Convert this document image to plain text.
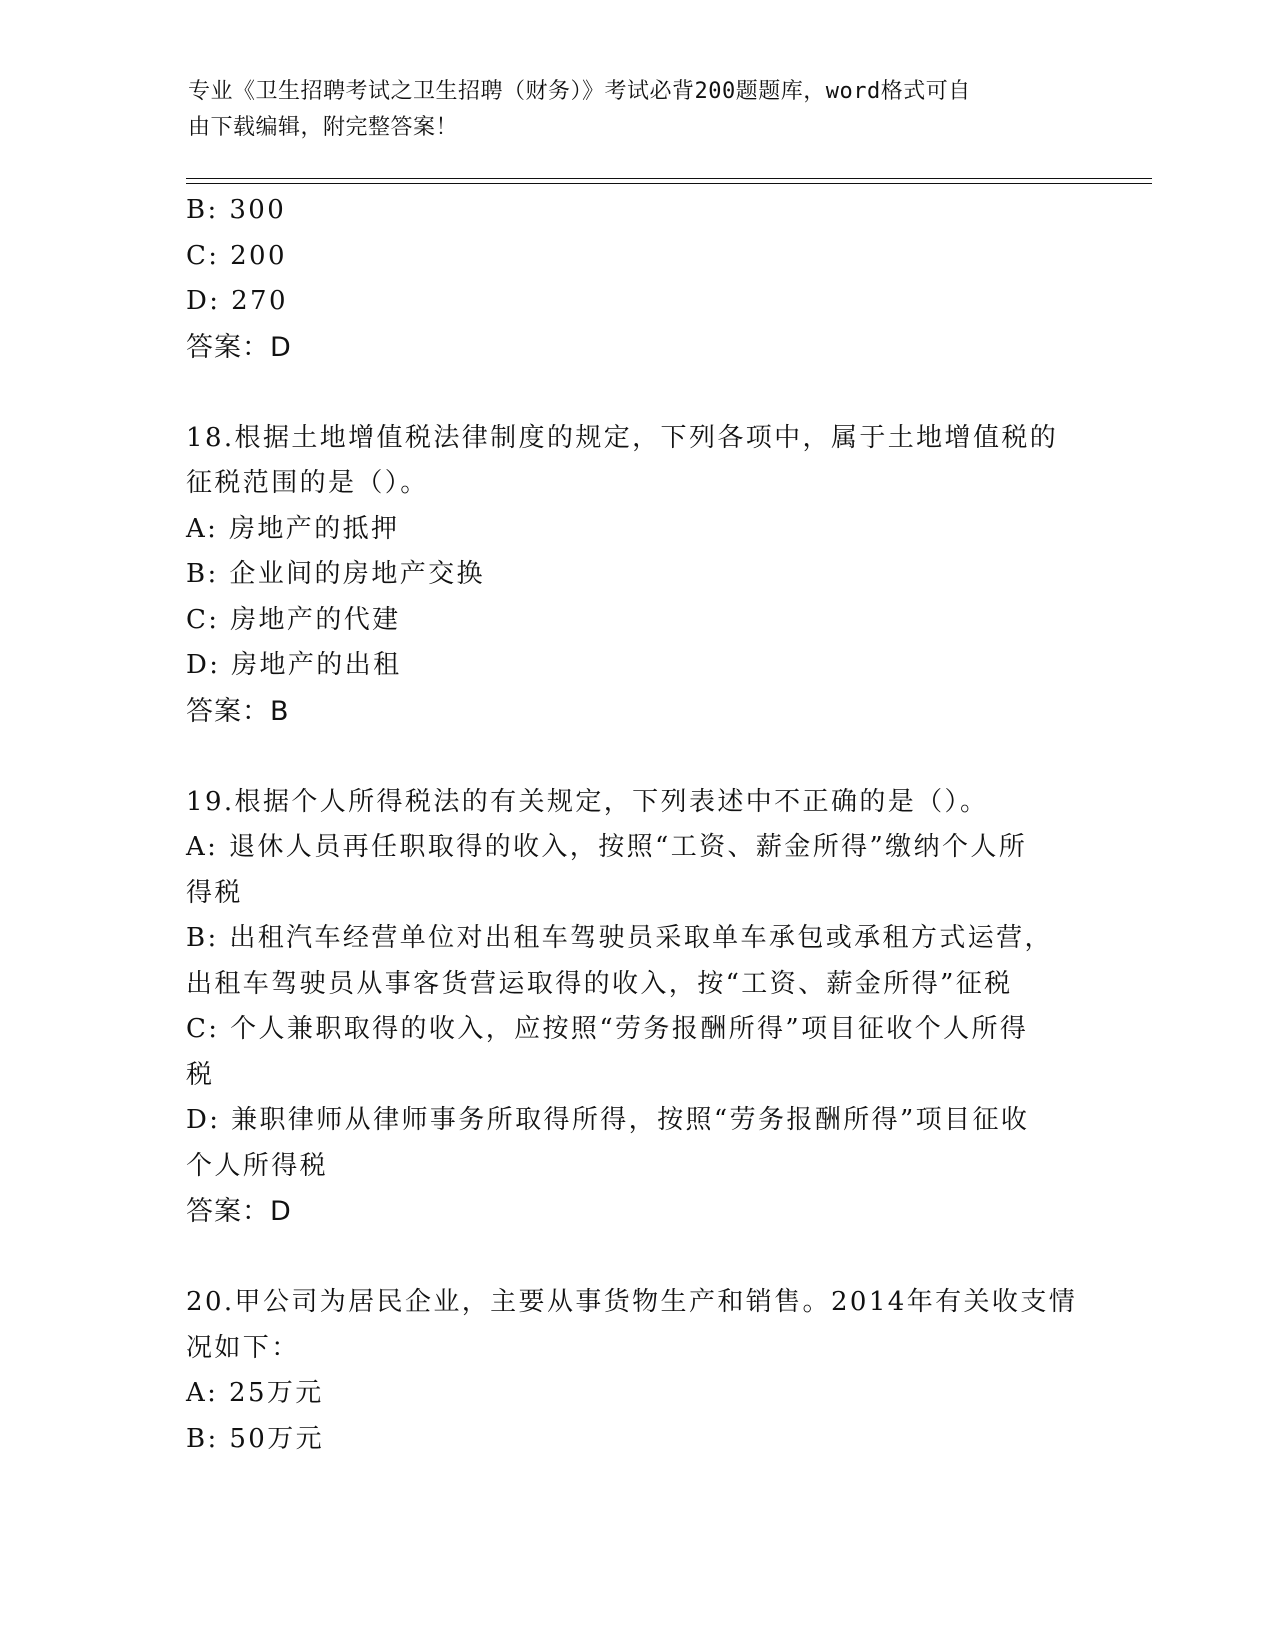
专业《卫生招聘考试之卫生招聘（财务）》考试必背200题题库，word格式可自
由下载编辑，附完整答案！
B: 300
C: 200
D: 270
答案：D
18.根据土地增值税法律制度的规定，下列各项中，属于土地增值税的
征税范围的是（）。
A: 房地产的抵押
B: 企业间的房地产交换
C: 房地产的代建
D: 房地产的出租
答案：B
19.根据个人所得税法的有关规定，下列表述中不正确的是（）。
A: 退休人员再任职取得的收入，按照“工资、薪金所得”缴纳个人所
得税
B: 出租汽车经营单位对出租车驾驶员采取单车承包或承租方式运营，
出租车驾驶员从事客货营运取得的收入，按“工资、薪金所得”征税
C: 个人兼职取得的收入，应按照“劳务报酬所得”项目征收个人所得
税
D: 兼职律师从律师事务所取得所得，按照“劳务报酬所得”项目征收
个人所得税
答案：D
20.甲公司为居民企业，主要从事货物生产和销售。2014年有关收支情
况如下：
A: 25万元
B: 50万元
